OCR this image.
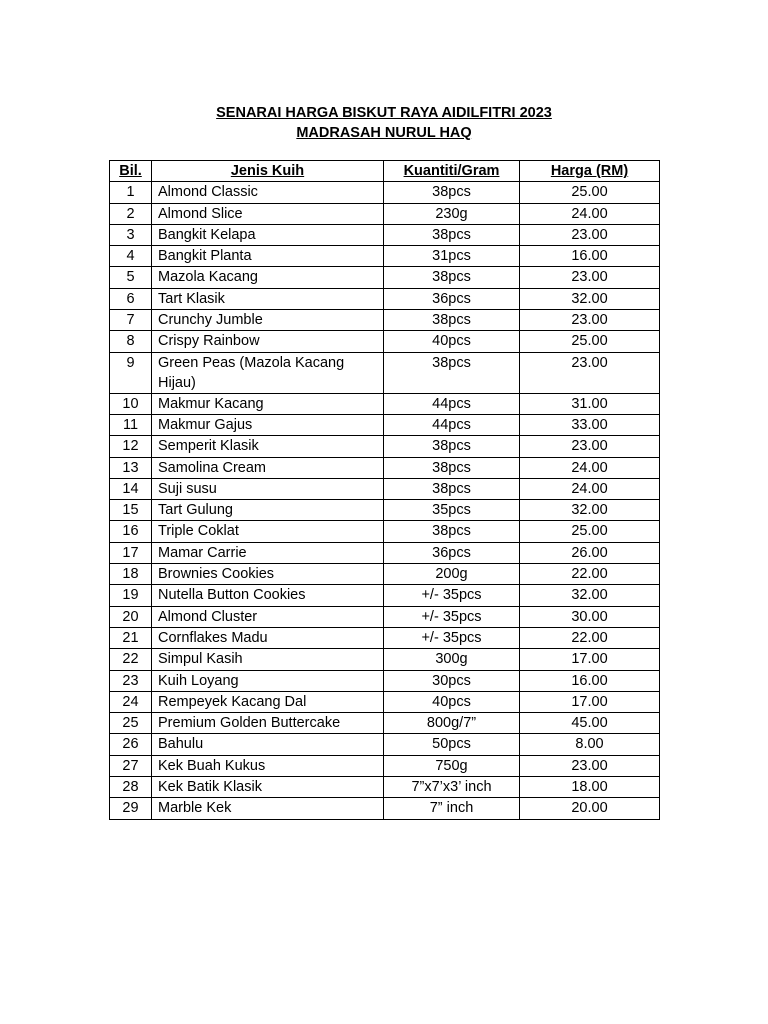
SENARAI HARGA BISKUT RAYA AIDILFITRI 2023
MADRASAH NURUL HAQ
Bil.	Jenis Kuih	Kuantiti/Gram	Harga (RM)
1	Almond Classic	38pcs	25.00
2	Almond Slice	230g	24.00
3	Bangkit Kelapa	38pcs	23.00
4	Bangkit Planta	31pcs	16.00
5	Mazola Kacang	38pcs	23.00
6	Tart Klasik	36pcs	32.00
7	Crunchy Jumble	38pcs	23.00
8	Crispy Rainbow	40pcs	25.00
9	Green Peas (Mazola Kacang Hijau)	38pcs	23.00
10	Makmur Kacang	44pcs	31.00
11	Makmur Gajus	44pcs	33.00
12	Semperit Klasik	38pcs	23.00
13	Samolina Cream	38pcs	24.00
14	Suji susu	38pcs	24.00
15	Tart Gulung	35pcs	32.00
16	Triple Coklat	38pcs	25.00
17	Mamar Carrie	36pcs	26.00
18	Brownies Cookies	200g	22.00
19	Nutella Button Cookies	+/- 35pcs	32.00
20	Almond Cluster	+/- 35pcs	30.00
21	Cornflakes Madu	+/- 35pcs	22.00
22	Simpul Kasih	300g	17.00
23	Kuih Loyang	30pcs	16.00
24	Rempeyek Kacang Dal	40pcs	17.00
25	Premium Golden Buttercake	800g/7”	45.00
26	Bahulu	50pcs	8.00
27	Kek Buah Kukus	750g	23.00
28	Kek Batik Klasik	7”x7’x3’ inch	18.00
29	Marble Kek	7” inch	20.00
